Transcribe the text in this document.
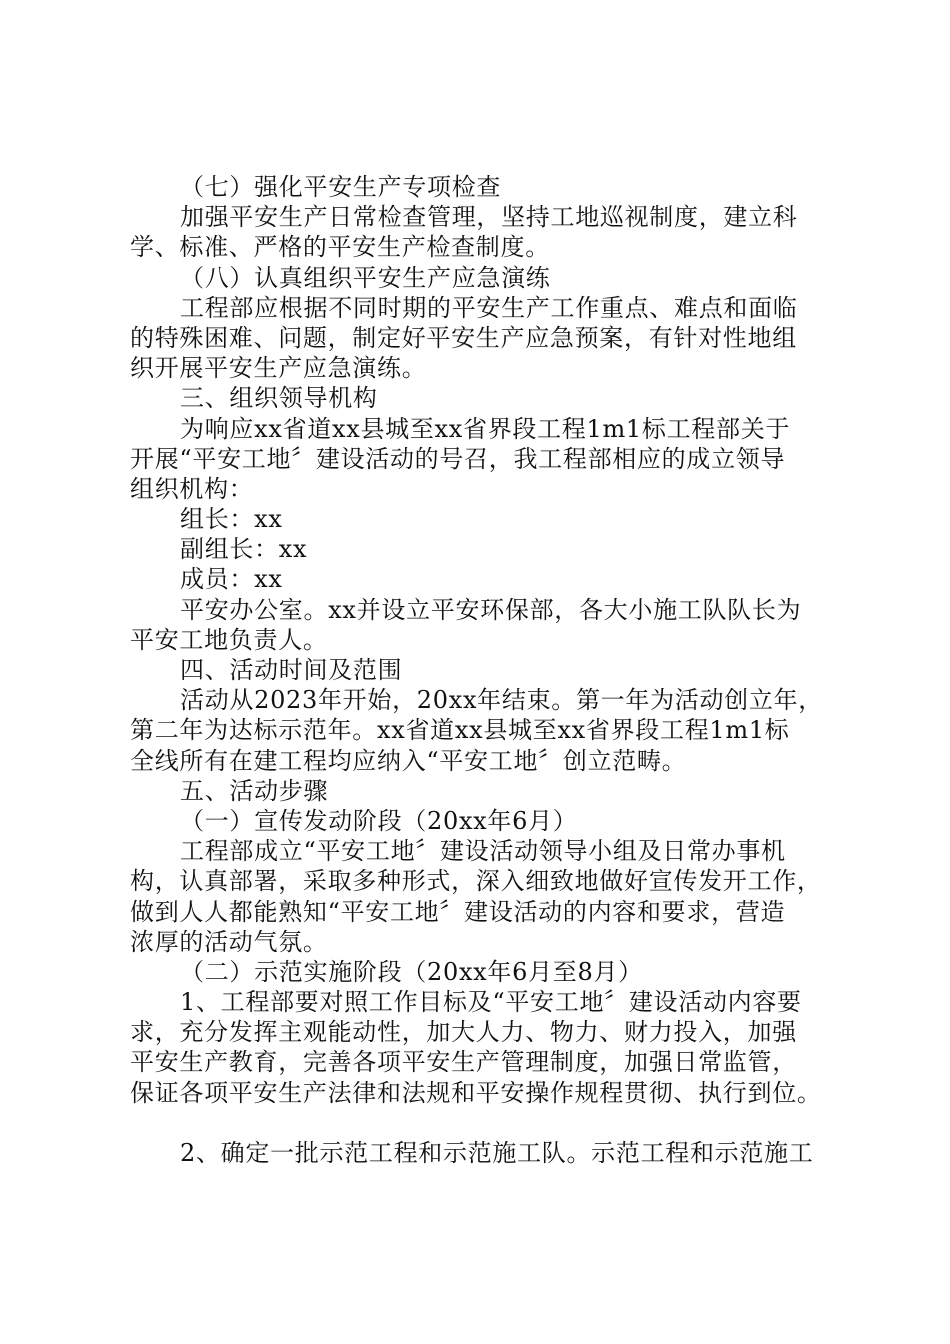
（七）强化平安生产专项检查
加强平安生产日常检查管理，坚持工地巡视制度，建立科
学、标准、严格的平安生产检查制度。
（八）认真组织平安生产应急演练
工程部应根据不同时期的平安生产工作重点、难点和面临
的特殊困难、问题，制定好平安生产应急预案，有针对性地组
织开展平安生产应急演练。
三、组织领导机构
为响应xx省道xx县城至xx省界段工程1m1标工程部关于
开展“平安工地〞建设活动的号召，我工程部相应的成立领导
组织机构：
组长：xx
副组长：xx
成员：xx
平安办公室。xx并设立平安环保部，各大小施工队队长为
平安工地负责人。
四、活动时间及范围
活动从2023年开始，20xx年结束。第一年为活动创立年，
第二年为达标示范年。xx省道xx县城至xx省界段工程1m1标
全线所有在建工程均应纳入“平安工地〞创立范畴。
五、活动步骤
（一）宣传发动阶段（20xx年6月）
工程部成立“平安工地〞建设活动领导小组及日常办事机
构，认真部署，采取多种形式，深入细致地做好宣传发开工作，
做到人人都能熟知“平安工地〞建设活动的内容和要求，营造
浓厚的活动气氛。
（二）示范实施阶段（20xx年6月至8月）
1、工程部要对照工作目标及“平安工地〞建设活动内容要
求，充分发挥主观能动性，加大人力、物力、财力投入，加强
平安生产教育，完善各项平安生产管理制度，加强日常监管，
保证各项平安生产法律和法规和平安操作规程贯彻、执行到位。
2、确定一批示范工程和示范施工队。示范工程和示范施工
